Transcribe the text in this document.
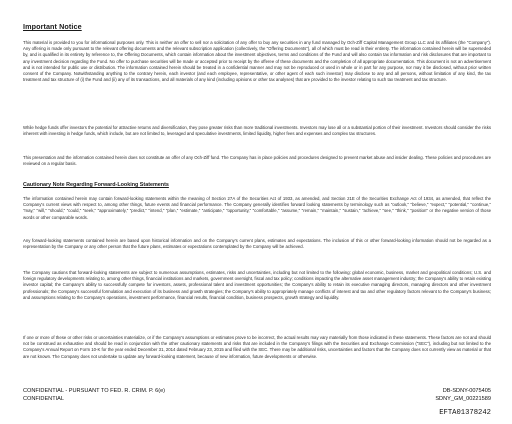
Important Notice

This material is provided to you for informational purposes only. This is neither an offer to sell nor a solicitation of any offer to buy any securities in any fund managed by Och-Ziff Capital Management Group LLC and its affiliates (the "Company"). Any offering is made only pursuant to the relevant offering documents and the relevant subscription application (collectively, the "Offering Documents"), all of which must be read in their entirety. The information contained herein will be superseded by, and is qualified in its entirety by reference to, the Offering Documents, which contain information about the investment objectives, terms and conditions of the Fund and will also contain tax information and risk disclosures that are important to any investment decision regarding the Fund. No offer to purchase securities will be made or accepted prior to receipt by the offeree of these documents and the completion of all appropriate documentation. This document is not an advertisement and is not intended for public use or distribution. The information contained herein should be treated in a confidential manner and may not be reproduced or used in whole or in part for any purpose, nor may it be disclosed, without prior written consent of the Company. Notwithstanding anything to the contrary herein, each investor (and each employee, representative, or other agent of each such investor) may disclose to any and all persons, without limitation of any kind, the tax treatment and tax structure of (i) the Fund and (ii) any of its transactions, and all materials of any kind (including opinions or other tax analyses) that are provided to the investor relating to such tax treatment and tax structure.

While hedge funds offer investors the potential for attractive returns and diversification, they pose greater risks than more traditional investments. Investors may lose all or a substantial portion of their investment. Investors should consider the risks inherent with investing in hedge funds, which include, but are not limited to, leveraged and speculative investments, limited liquidity, higher fees and expenses and complex tax structures.

This presentation and the information contained herein does not constitute an offer of any Och-Ziff fund. The Company has in place policies and procedures designed to prevent market abuse and insider dealing. These policies and procedures are reviewed on a regular basis.

Cautionary Note Regarding Forward-Looking Statements

The information contained herein may contain forward-looking statements within the meaning of Section 27A of the Securities Act of 1933, as amended, and Section 21E of the Securities Exchange Act of 1934, as amended, that reflect the Company's current views with respect to, among other things, future events and financial performance. The Company generally identifies forward looking statements by terminology such as "outlook," "believe," "expect," "potential," "continue," "may," "will," "should," "could," "seek," "approximately," "predict," "intend," "plan," "estimate," "anticipate," "opportunity," "comfortable," "assume," "remain," "maintain," "sustain," "achieve," "see," "think," "position" or the negative version of those words or other comparable words.

Any forward-looking statements contained herein are based upon historical information and on the Company's current plans, estimates and expectations. The inclusion of this or other forward-looking information should not be regarded as a representation by the Company or any other person that the future plans, estimates or expectations contemplated by the Company will be achieved.

The Company cautions that forward-looking statements are subject to numerous assumptions, estimates, risks and uncertainties, including but not limited to the following: global economic, business, market and geopolitical conditions; U.S. and foreign regulatory developments relating to, among other things, financial institutions and markets, government oversight, fiscal and tax policy; conditions impacting the alternative asset management industry; the Company's ability to retain existing investor capital; the Company's ability to successfully compete for investors, assets, professional talent and investment opportunities; the Company's ability to retain its executive managing directors, managing directors and other investment professionals; the Company's successful formulation and execution of its business and growth strategies; the Company's ability to appropriately manage conflicts of interest and tax and other regulatory factors relevant to the Company's business; and assumptions relating to the Company's operations, investment performance, financial results, financial condition, business prospects, growth strategy and liquidity.

If one or more of these or other risks or uncertainties materialize, or if the Company's assumptions or estimates prove to be incorrect, the actual results may vary materially from those indicated in these statements. These factors are not and should not be construed as exhaustive and should be read in conjunction with the other cautionary statements and risks that are included in the Company's filings with the Securities and Exchange Commission ("SEC"), including but not limited to the Company's Annual Report on Form 10-K for the year ended December 31, 2014 dated February 23, 2015 and filed with the SEC. There may be additional risks, uncertainties and factors that the Company does not currently view as material or that are not known. The Company does not undertake to update any forward-looking statement, because of new information, future developments or otherwise.

CONFIDENTIAL - PURSUANT TO FED. R. CRIM. P. 6(e)

CONFIDENTIAL

DB-SDNY-0075405

SDNY_GM_00221589

EFTA01378242
